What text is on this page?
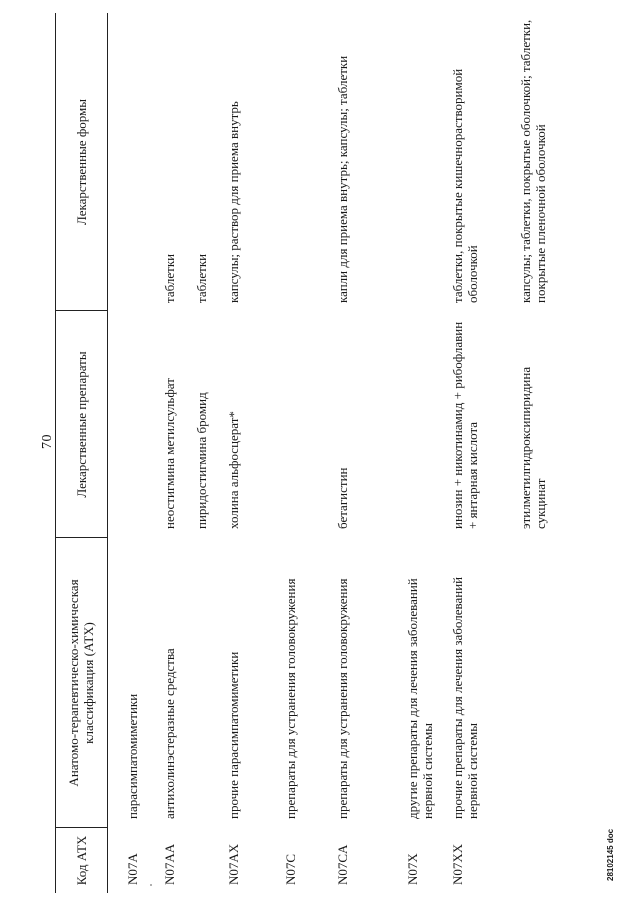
70
Код АТХ
Анатомо-терапевтическо-химическая классификация (АТХ)
Лекарственные препараты
Лекарственные формы
N07A
парасимпатомиметики
N07AA
антихолинэстеразные средства
неостигмина метилсульфат
таблетки
пиридостигмина бромид
таблетки
N07AX
прочие парасимпатомиметики
холина альфосцерат*
капсулы; раствор для приема внутрь
N07C
препараты для устранения головокружения
N07CA
препараты для устранения головокружения
бетагистин
капли для приема внутрь; капсулы; таблетки
N07X
другие препараты для лечения заболеваний нервной системы
N07XX
прочие препараты для лечения заболеваний нервной системы
инозин + никотинамид + рибофлавин + янтарная кислота
таблетки, покрытые кишечнорастворимой оболочкой
этилметилгидроксипиридина сукцинат
капсулы; таблетки, покрытые оболочкой; таблетки, покрытые пленочной оболочкой
28102145 doc
